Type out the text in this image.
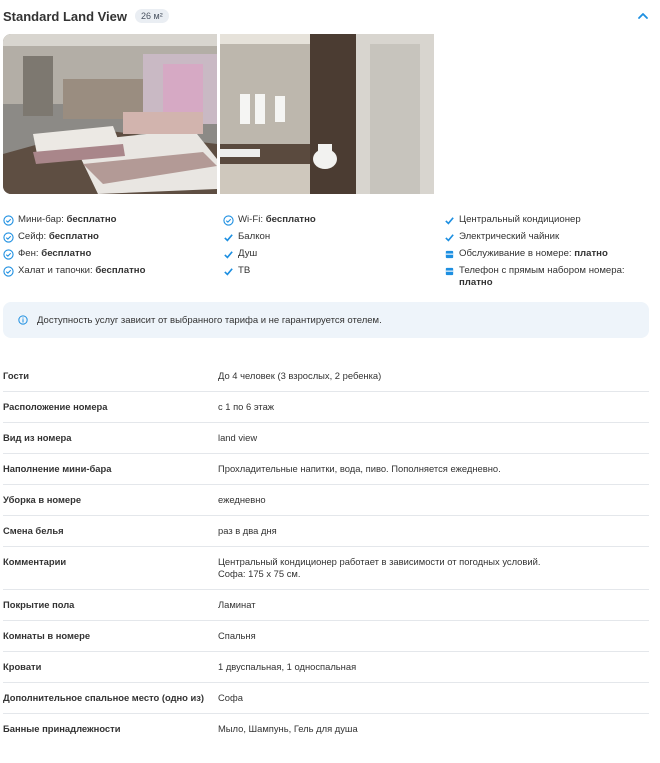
Standard Land View	26 м²
Мини-бар: бесплатно
Сейф: бесплатно
Фен: бесплатно
Халат и тапочки: бесплатно
Wi-Fi: бесплатно
Балкон
Душ
ТВ
Центральный кондиционер
Электрический чайник
Обслуживание в номере: платно
Телефон с прямым набором номера: платно
Доступность услуг зависит от выбранного тарифа и не гарантируется отелем.
Гости	До 4 человек (3 взрослых, 2 ребенка)
Расположение номера	с 1 по 6 этаж
Вид из номера	land view
Наполнение мини-бара	Прохладительные напитки, вода, пиво. Пополняется ежедневно.
Уборка в номере	ежедневно
Смена белья	раз в два дня
Комментарии	Центральный кондиционер работает в зависимости от погодных условий.
Софа: 175 x 75 см.
Покрытие пола	Ламинат
Комнаты в номере	Спальня
Кровати	1 двуспальная, 1 односпальная
Дополнительное спальное место (одно из)	Софа
Банные принадлежности	Мыло, Шампунь, Гель для душа
